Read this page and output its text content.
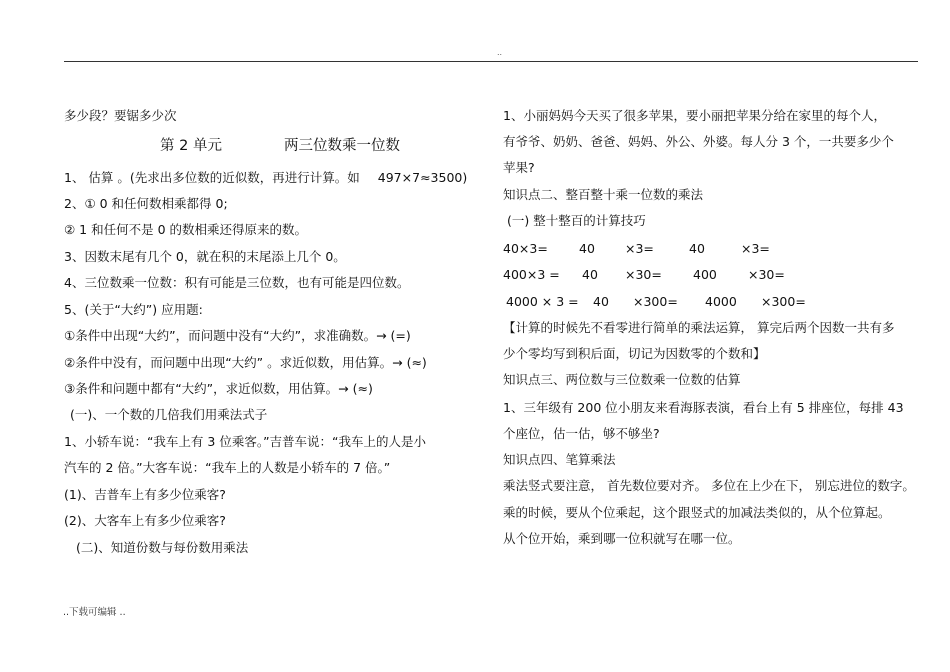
..
多少段？要锯多少次
第 2 单元	两三位数乘一位数
1、 估算 。(先求出多位数的近似数，再进行计算。如 497×7≈3500)
2、① 0 和任何数相乘都得 0;
② 1 和任何不是 0 的数相乘还得原来的数。
3、因数末尾有几个 0，就在积的末尾添上几个 0。
4、三位数乘一位数：积有可能是三位数，也有可能是四位数。
5、(关于“大约”) 应用题:
①条件中出现“大约”，而问题中没有“大约”，求准确数。→ (=)
②条件中没有，而问题中出现“大约” 。求近似数，用估算。→ (≈)
③条件和问题中都有“大约”，求近似数，用估算。→ (≈)
(一)、一个数的几倍我们用乘法式子
1、小轿车说：“我车上有 3 位乘客。”吉普车说：“我车上的人是小
汽车的 2 倍。”大客车说：“我车上的人数是小轿车的 7 倍。”
(1)、吉普车上有多少位乘客?
(2)、大客车上有多少位乘客?
(二)、知道份数与每份数用乘法
1、小丽妈妈今天买了很多苹果，要小丽把苹果分给在家里的每个人，
有爷爷、奶奶、爸爸、妈妈、外公、外婆。每人分 3 个，一共要多少个
苹果?
知识点二、整百整十乘一位数的乘法
(一) 整十整百的计算技巧
40×3= 40 ×3=	40	×3=
400×3 = 40 ×30= 400 ×30=
4000 × 3 = 40 ×300= 4000 ×300=
【计算的时候先不看零进行简单的乘法运算， 算完后两个因数一共有多
少个零均写到积后面，切记为因数零的个数和】
知识点三、两位数与三位数乘一位数的估算
1、三年级有 200 位小朋友来看海豚表演，看台上有 5 排座位，每排 43
个座位，估一估，够不够坐?
知识点四、笔算乘法
乘法竖式要注意， 首先数位要对齐。 多位在上少在下， 别忘进位的数字。
乘的时候，要从个位乘起，这个跟竖式的加减法类似的，从个位算起。
从个位开始，乘到哪一位积就写在哪一位。
..下载可编辑 ..
